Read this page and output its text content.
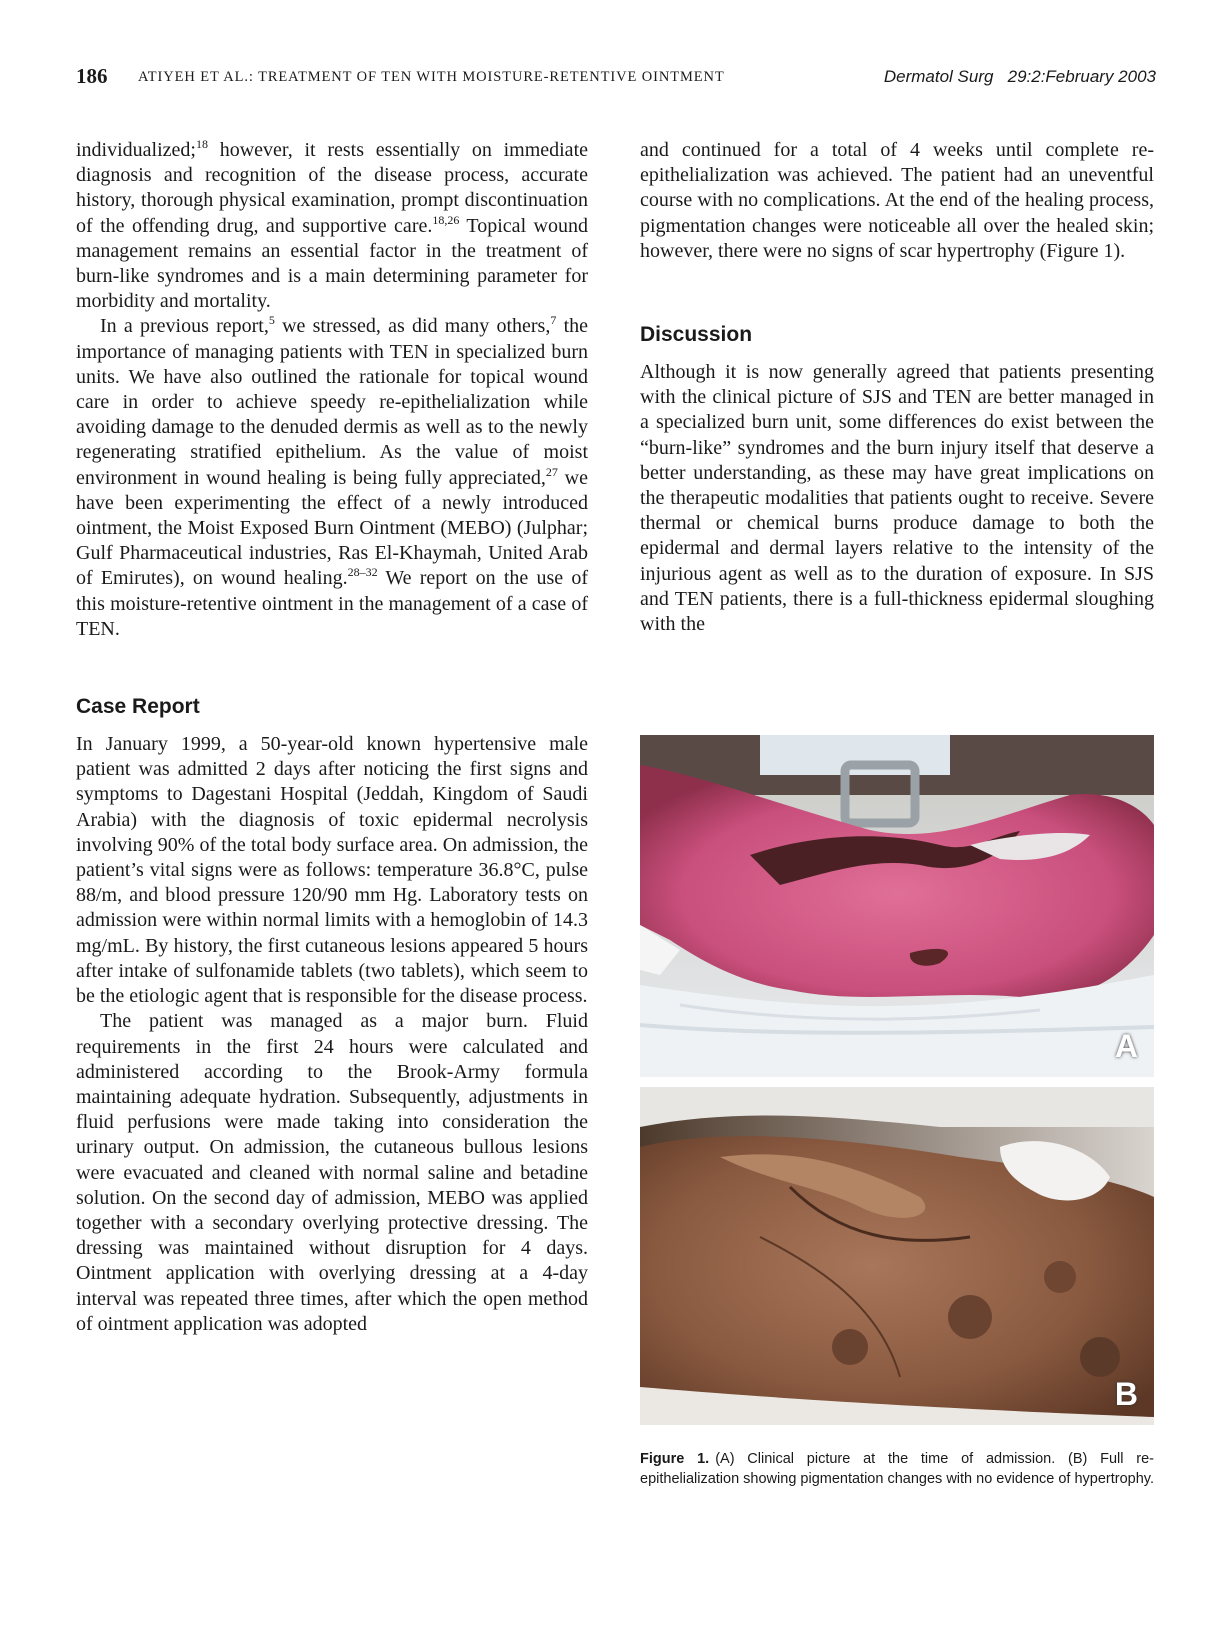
186 ATIYEH ET AL.: TREATMENT OF TEN WITH MOISTURE-RETENTIVE OINTMENT	Dermatol Surg   29:2:February 2003

individualized;$^{18}$ however, it rests essentially on immediate diagnosis and recognition of the disease process, accurate history, thorough physical examination, prompt discontinuation of the offending drug, and supportive care.$^{18,26}$ Topical wound management remains an essential factor in the treatment of burn-like syndromes and is a main determining parameter for morbidity and mortality.

In a previous report,$^5$ we stressed, as did many others,$^7$ the importance of managing patients with TEN in specialized burn units. We have also outlined the rationale for topical wound care in order to achieve speedy re-epithelialization while avoiding damage to the denuded dermis as well as to the newly regenerating stratified epithelium. As the value of moist environment in wound healing is being fully appreciated,$^{27}$ we have been experimenting the effect of a newly introduced ointment, the Moist Exposed Burn Ointment (MEBO) (Julphar; Gulf Pharmaceutical industries, Ras El-Khaymah, United Arab of Emirutes), on wound healing.$^{28-32}$ We report on the use of this moisture-retentive ointment in the management of a case of TEN.

Case Report

In January 1999, a 50-year-old known hypertensive male patient was admitted 2 days after noticing the first signs and symptoms to Dagestani Hospital (Jeddah, Kingdom of Saudi Arabia) with the diagnosis of toxic epidermal necrolysis involving 90% of the total body surface area. On admission, the patient’s vital signs were as follows: temperature 36.8°C, pulse 88/m, and blood pressure 120/90 mm Hg. Laboratory tests on admission were within normal limits with a hemoglobin of 14.3 mg/mL. By history, the first cutaneous lesions appeared 5 hours after intake of sulfonamide tablets (two tablets), which seem to be the etiologic agent that is responsible for the disease process.

The patient was managed as a major burn. Fluid requirements in the first 24 hours were calculated and administered according to the Brook-Army formula maintaining adequate hydration. Subsequently, adjustments in fluid perfusions were made taking into consideration the urinary output. On admission, the cutaneous bullous lesions were evacuated and cleaned with normal saline and betadine solution. On the second day of admission, MEBO was applied together with a secondary overlying protective dressing. The dressing was maintained without disruption for 4 days. Ointment application with overlying dressing at a 4-day interval was repeated three times, after which the open method of ointment application was adopted

and continued for a total of 4 weeks until complete re-epithelialization was achieved. The patient had an uneventful course with no complications. At the end of the healing process, pigmentation changes were noticeable all over the healed skin; however, there were no signs of scar hypertrophy (Figure 1).

Discussion

Although it is now generally agreed that patients presenting with the clinical picture of SJS and TEN are better managed in a specialized burn unit, some differences do exist between the “burn-like” syndromes and the burn injury itself that deserve a better understanding, as these may have great implications on the therapeutic modalities that patients ought to receive. Severe thermal or chemical burns produce damage to both the epidermal and dermal layers relative to the intensity of the injurious agent as well as to the duration of exposure. In SJS and TEN patients, there is a full-thickness epidermal sloughing with the

A
B
Figure 1. (A) Clinical picture at the time of admission. (B) Full re-epithelialization showing pigmentation changes with no evidence of hypertrophy.
